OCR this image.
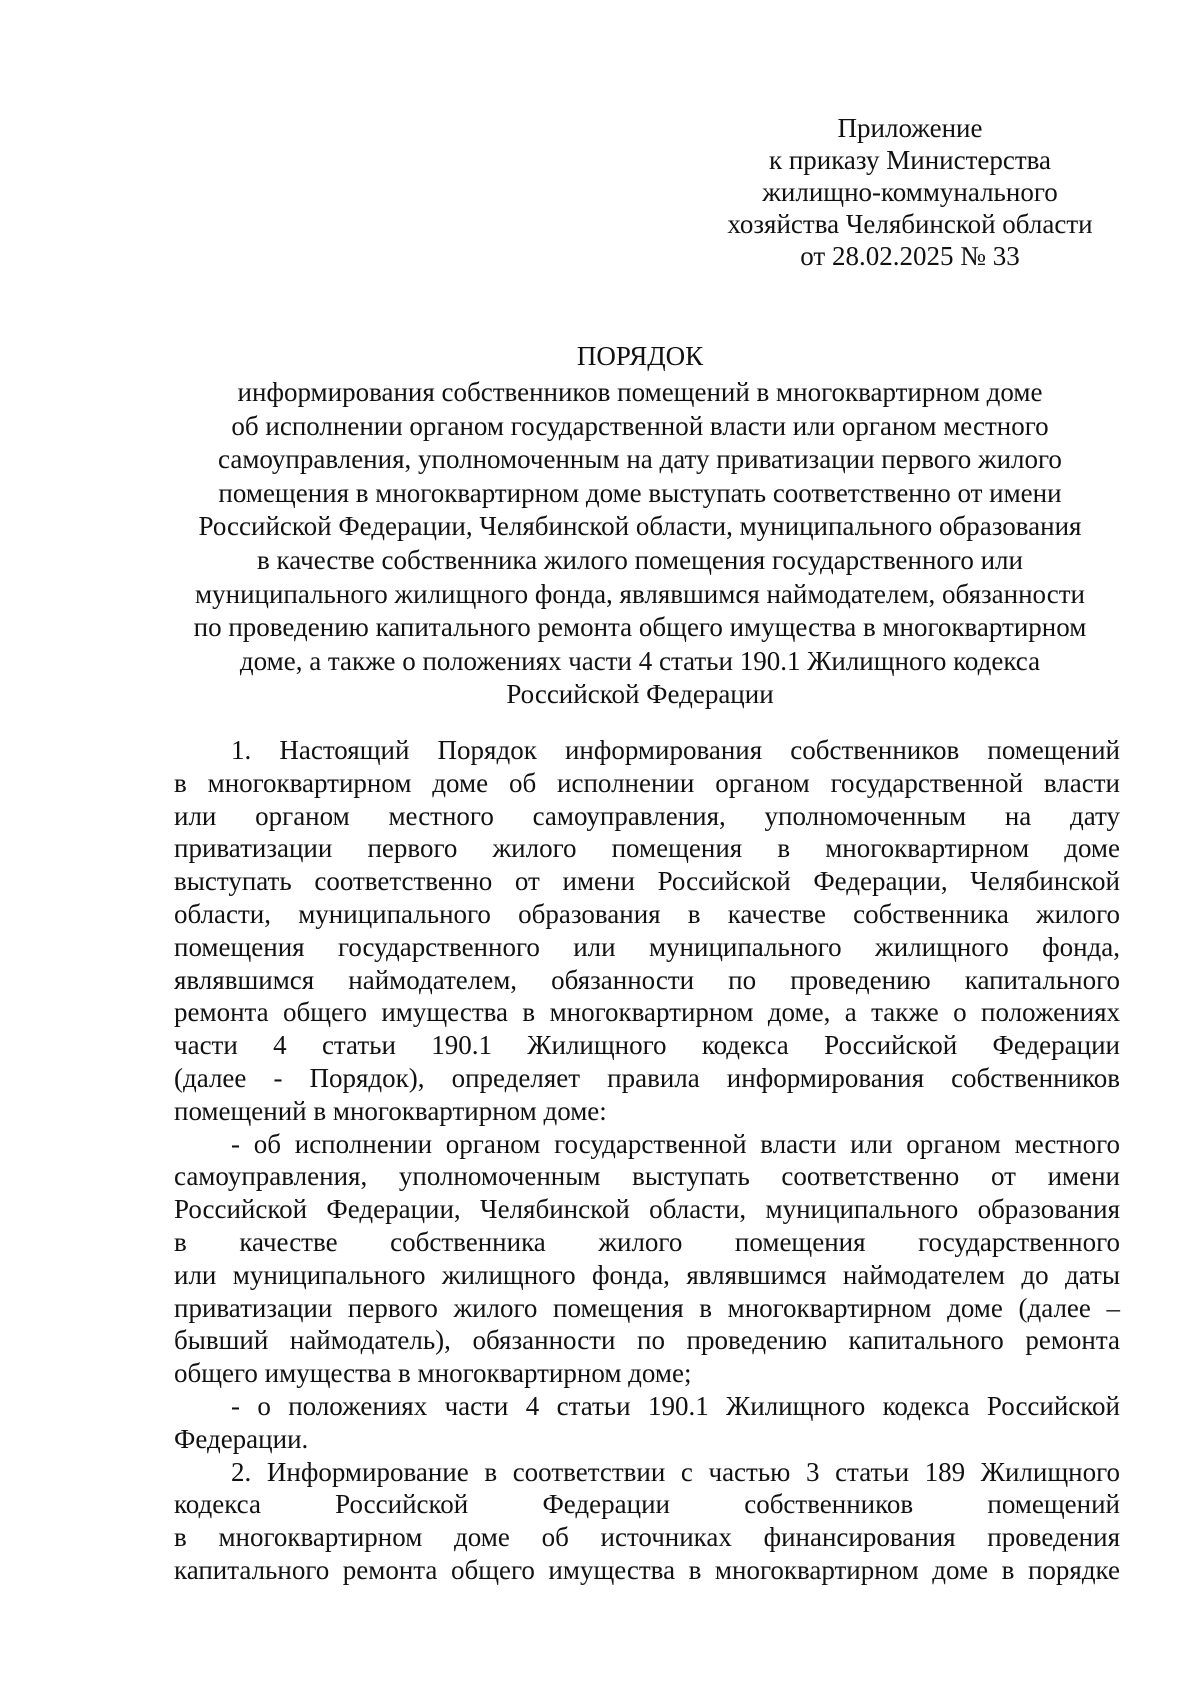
Приложение
к приказу Министерства
жилищно-коммунального
хозяйства Челябинской области
от 28.02.2025 № 33
ПОРЯДОК
информирования собственников помещений в многоквартирном доме
об исполнении органом государственной власти или органом местного
самоуправления, уполномоченным на дату приватизации первого жилого
помещения в многоквартирном доме выступать соответственно от имени
Российской Федерации, Челябинской области, муниципального образования
в качестве собственника жилого помещения государственного или
муниципального жилищного фонда, являвшимся наймодателем, обязанности
по проведению капитального ремонта общего имущества в многоквартирном
доме, а также о положениях части 4 статьи 190.1 Жилищного кодекса
Российской Федерации
1. Настоящий Порядок информирования собственников помещений
в многоквартирном доме об исполнении органом государственной власти
или органом местного самоуправления, уполномоченным на дату
приватизации первого жилого помещения в многоквартирном доме
выступать соответственно от имени Российской Федерации, Челябинской
области, муниципального образования в качестве собственника жилого
помещения государственного или муниципального жилищного фонда,
являвшимся наймодателем, обязанности по проведению капитального
ремонта общего имущества в многоквартирном доме, а также о положениях
части 4 статьи 190.1 Жилищного кодекса Российской Федерации
(далее - Порядок), определяет правила информирования собственников
помещений в многоквартирном доме:
- об исполнении органом государственной власти или органом местного
самоуправления, уполномоченным выступать соответственно от имени
Российской Федерации, Челябинской области, муниципального образования
в качестве собственника жилого помещения государственного
или муниципального жилищного фонда, являвшимся наймодателем до даты
приватизации первого жилого помещения в многоквартирном доме (далее –
бывший наймодатель), обязанности по проведению капитального ремонта
общего имущества в многоквартирном доме;
- о положениях части 4 статьи 190.1 Жилищного кодекса Российской
Федерации.
2. Информирование в соответствии с частью 3 статьи 189 Жилищного
кодекса Российской Федерации собственников помещений
в многоквартирном доме об источниках финансирования проведения
капитального ремонта общего имущества в многоквартирном доме в порядке
